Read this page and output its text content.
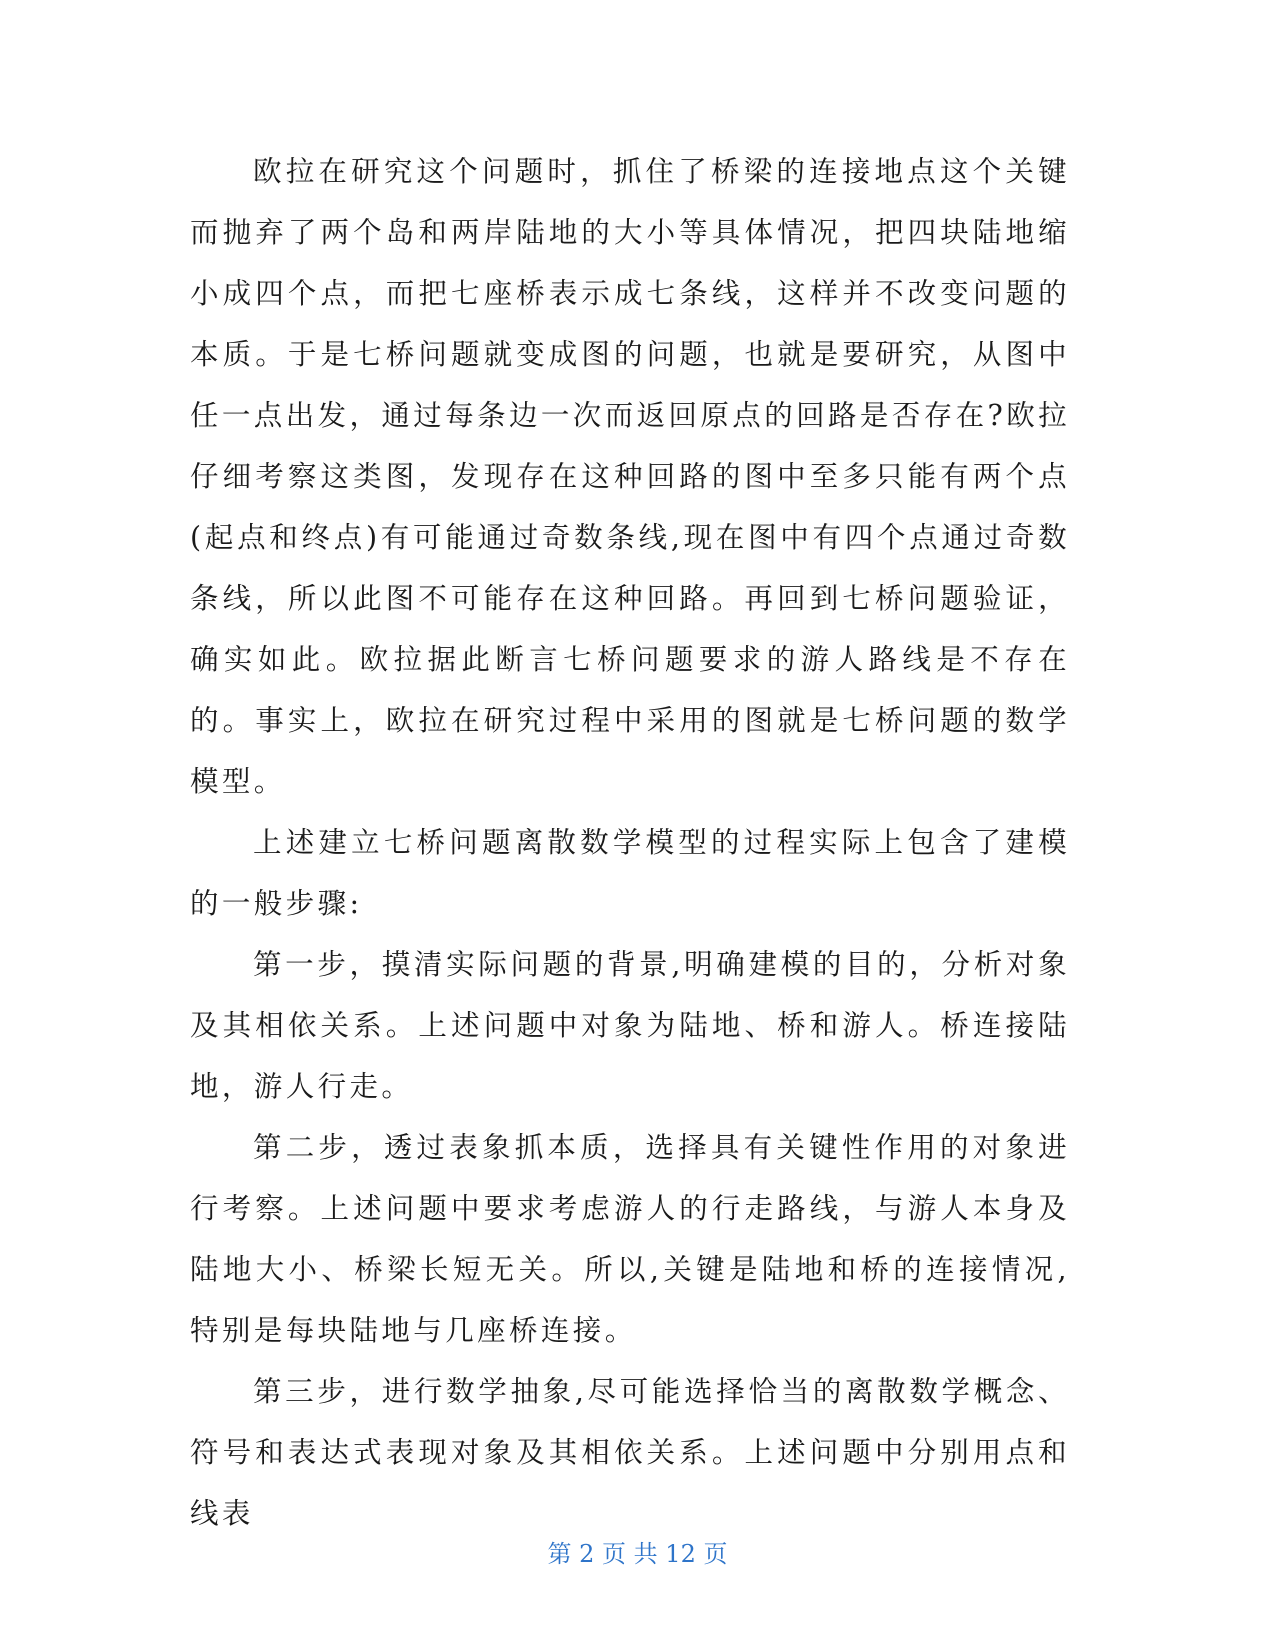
欧拉在研究这个问题时，抓住了桥梁的连接地点这个关键而抛弃了两个岛和两岸陆地的大小等具体情况，把四块陆地缩小成四个点，而把七座桥表示成七条线，这样并不改变问题的本质。于是七桥问题就变成图的问题，也就是要研究，从图中任一点出发，通过每条边一次而返回原点的回路是否存在?欧拉仔细考察这类图，发现存在这种回路的图中至多只能有两个点(起点和终点)有可能通过奇数条线,现在图中有四个点通过奇数条线，所以此图不可能存在这种回路。再回到七桥问题验证，确实如此。欧拉据此断言七桥问题要求的游人路线是不存在的。事实上，欧拉在研究过程中采用的图就是七桥问题的数学模型。

上述建立七桥问题离散数学模型的过程实际上包含了建模的一般步骤:

第一步，摸清实际问题的背景,明确建模的目的，分析对象及其相依关系。上述问题中对象为陆地、桥和游人。桥连接陆地，游人行走。

第二步，透过表象抓本质，选择具有关键性作用的对象进行考察。上述问题中要求考虑游人的行走路线，与游人本身及陆地大小、桥梁长短无关。所以,关键是陆地和桥的连接情况,特别是每块陆地与几座桥连接。

第三步，进行数学抽象,尽可能选择恰当的离散数学概念、符号和表达式表现对象及其相依关系。上述问题中分别用点和线表

第 2 页 共 12 页
